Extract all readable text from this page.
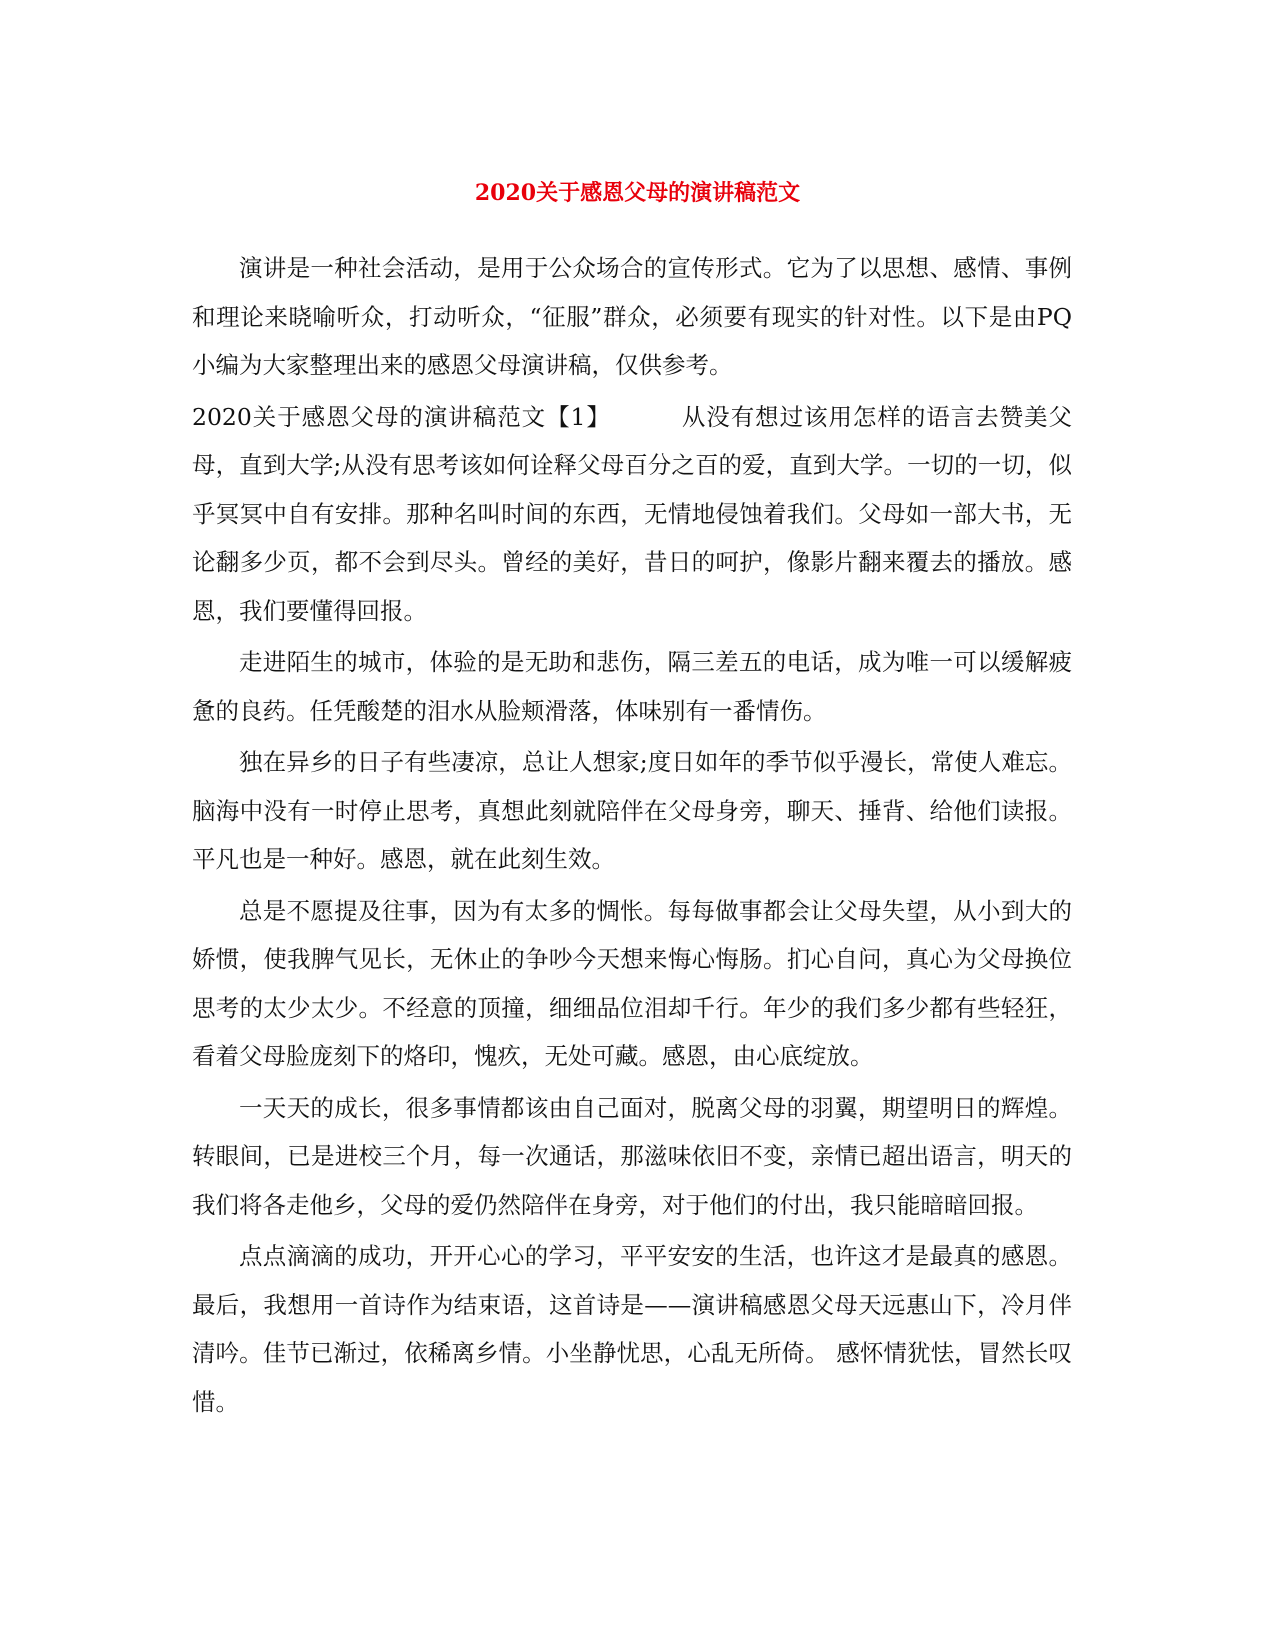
2020关于感恩父母的演讲稿范文

演讲是一种社会活动，是用于公众场合的宣传形式。它为了以思想、感情、事例和理论来晓喻听众，打动听众，“征服”群众，必须要有现实的针对性。以下是由PQ小编为大家整理出来的感恩父母演讲稿，仅供参考。

2020关于感恩父母的演讲稿范文【1】	从没有想过该用怎样的语言去赞美父母，直到大学;从没有思考该如何诠释父母百分之百的爱，直到大学。一切的一切，似乎冥冥中自有安排。那种名叫时间的东西，无情地侵蚀着我们。父母如一部大书，无论翻多少页，都不会到尽头。曾经的美好，昔日的呵护，像影片翻来覆去的播放。感恩，我们要懂得回报。

走进陌生的城市，体验的是无助和悲伤，隔三差五的电话，成为唯一可以缓解疲惫的良药。任凭酸楚的泪水从脸颊滑落，体味别有一番情伤。

独在异乡的日子有些凄凉，总让人想家;度日如年的季节似乎漫长，常使人难忘。脑海中没有一时停止思考，真想此刻就陪伴在父母身旁，聊天、捶背、给他们读报。平凡也是一种好。感恩，就在此刻生效。

总是不愿提及往事，因为有太多的惆怅。每每做事都会让父母失望，从小到大的娇惯，使我脾气见长，无休止的争吵今天想来悔心悔肠。扪心自问，真心为父母换位思考的太少太少。不经意的顶撞，细细品位泪却千行。年少的我们多少都有些轻狂，看着父母脸庞刻下的烙印，愧疚，无处可藏。感恩，由心底绽放。

一天天的成长，很多事情都该由自己面对，脱离父母的羽翼，期望明日的辉煌。转眼间，已是进校三个月，每一次通话，那滋味依旧不变，亲情已超出语言，明天的我们将各走他乡，父母的爱仍然陪伴在身旁，对于他们的付出，我只能暗暗回报。

点点滴滴的成功，开开心心的学习，平平安安的生活，也许这才是最真的感恩。最后，我想用一首诗作为结束语，这首诗是——演讲稿感恩父母天远惠山下，冷月伴清吟。佳节已渐过，依稀离乡情。小坐静忧思，心乱无所倚。 感怀情犹怯，冒然长叹惜。
